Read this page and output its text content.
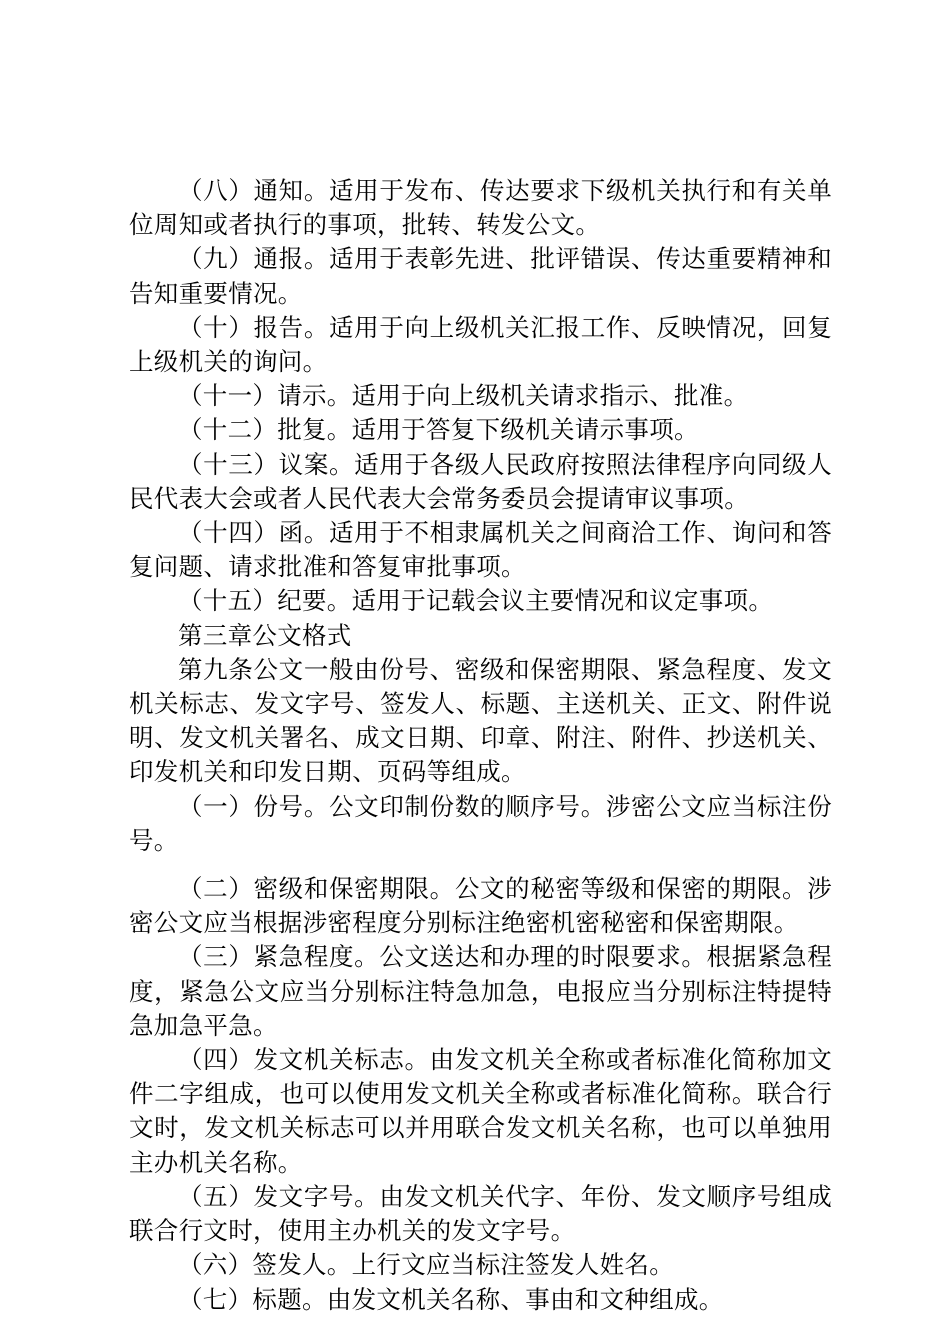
（八）通知。适用于发布、传达要求下级机关执行和有关单位周知或者执行的事项，批转、转发公文。

（九）通报。适用于表彰先进、批评错误、传达重要精神和告知重要情况。

（十）报告。适用于向上级机关汇报工作、反映情况，回复上级机关的询问。

（十一）请示。适用于向上级机关请求指示、批准。

（十二）批复。适用于答复下级机关请示事项。

（十三）议案。适用于各级人民政府按照法律程序向同级人民代表大会或者人民代表大会常务委员会提请审议事项。

（十四）函。适用于不相隶属机关之间商洽工作、询问和答复问题、请求批准和答复审批事项。

（十五）纪要。适用于记载会议主要情况和议定事项。

第三章公文格式

第九条公文一般由份号、密级和保密期限、紧急程度、发文机关标志、发文字号、签发人、标题、主送机关、正文、附件说明、发文机关署名、成文日期、印章、附注、附件、抄送机关、印发机关和印发日期、页码等组成。

（一）份号。公文印制份数的顺序号。涉密公文应当标注份号。

（二）密级和保密期限。公文的秘密等级和保密的期限。涉密公文应当根据涉密程度分别标注绝密机密秘密和保密期限。

（三）紧急程度。公文送达和办理的时限要求。根据紧急程度，紧急公文应当分别标注特急加急，电报应当分别标注特提特急加急平急。

（四）发文机关标志。由发文机关全称或者标准化简称加文件二字组成，也可以使用发文机关全称或者标准化简称。联合行文时，发文机关标志可以并用联合发文机关名称，也可以单独用主办机关名称。

（五）发文字号。由发文机关代字、年份、发文顺序号组成联合行文时，使用主办机关的发文字号。

（六）签发人。上行文应当标注签发人姓名。

（七）标题。由发文机关名称、事由和文种组成。
